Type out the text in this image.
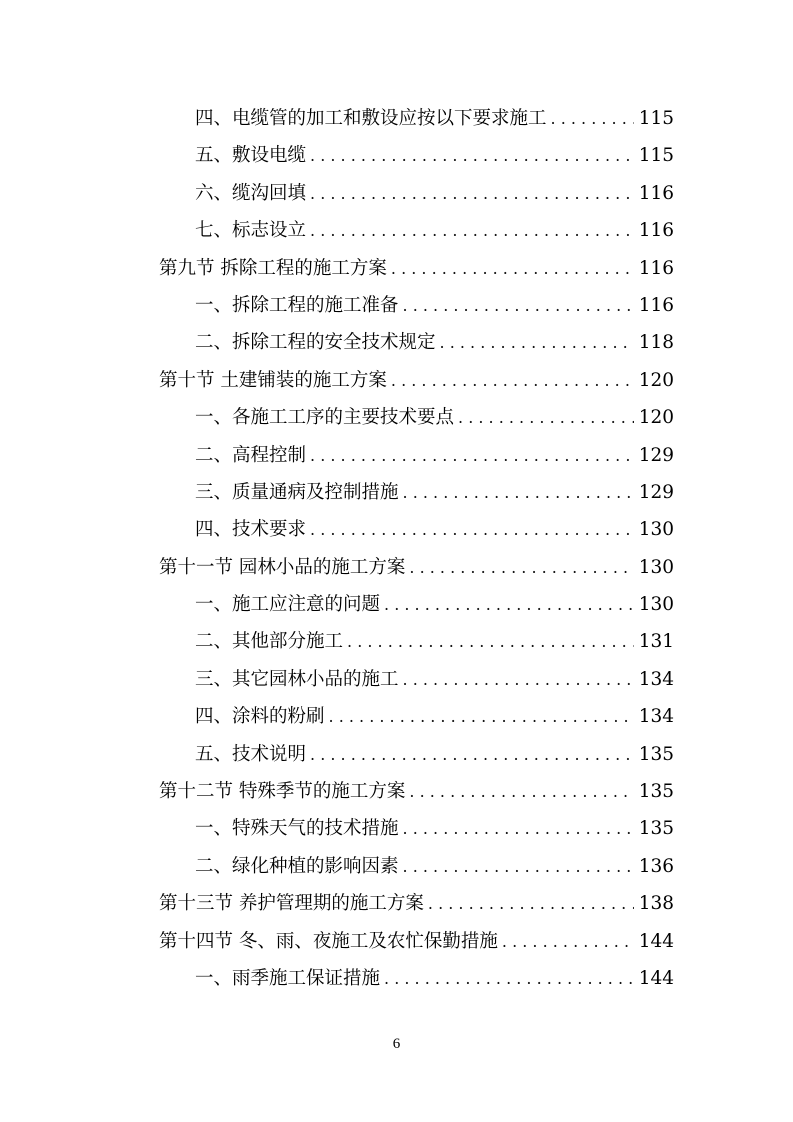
四、电缆管的加工和敷设应按以下要求施工 . . .	115
五、敷设电缆 . . .	115
六、缆沟回填 . . .	116
七、标志设立 . . .	116
第九节 拆除工程的施工方案 . . .	116
一、拆除工程的施工准备 . . .	116
二、拆除工程的安全技术规定 . . .	118
第十节 土建铺装的施工方案 . . .	120
一、各施工工序的主要技术要点 . . .	120
二、高程控制 . . .	129
三、质量通病及控制措施 . . .	129
四、技术要求 . . .	130
第十一节 园林小品的施工方案 . . .	130
一、施工应注意的问题 . . .	130
二、其他部分施工 . . .	131
三、其它园林小品的施工 . . .	134
四、涂料的粉刷 . . .	134
五、技术说明 . . .	135
第十二节 特殊季节的施工方案 . . .	135
一、特殊天气的技术措施 . . .	135
二、绿化种植的影响因素 . . .	136
第十三节 养护管理期的施工方案 . . .	138
第十四节 冬、雨、夜施工及农忙保勤措施 . . .	144
一、雨季施工保证措施 . . .	144
6
